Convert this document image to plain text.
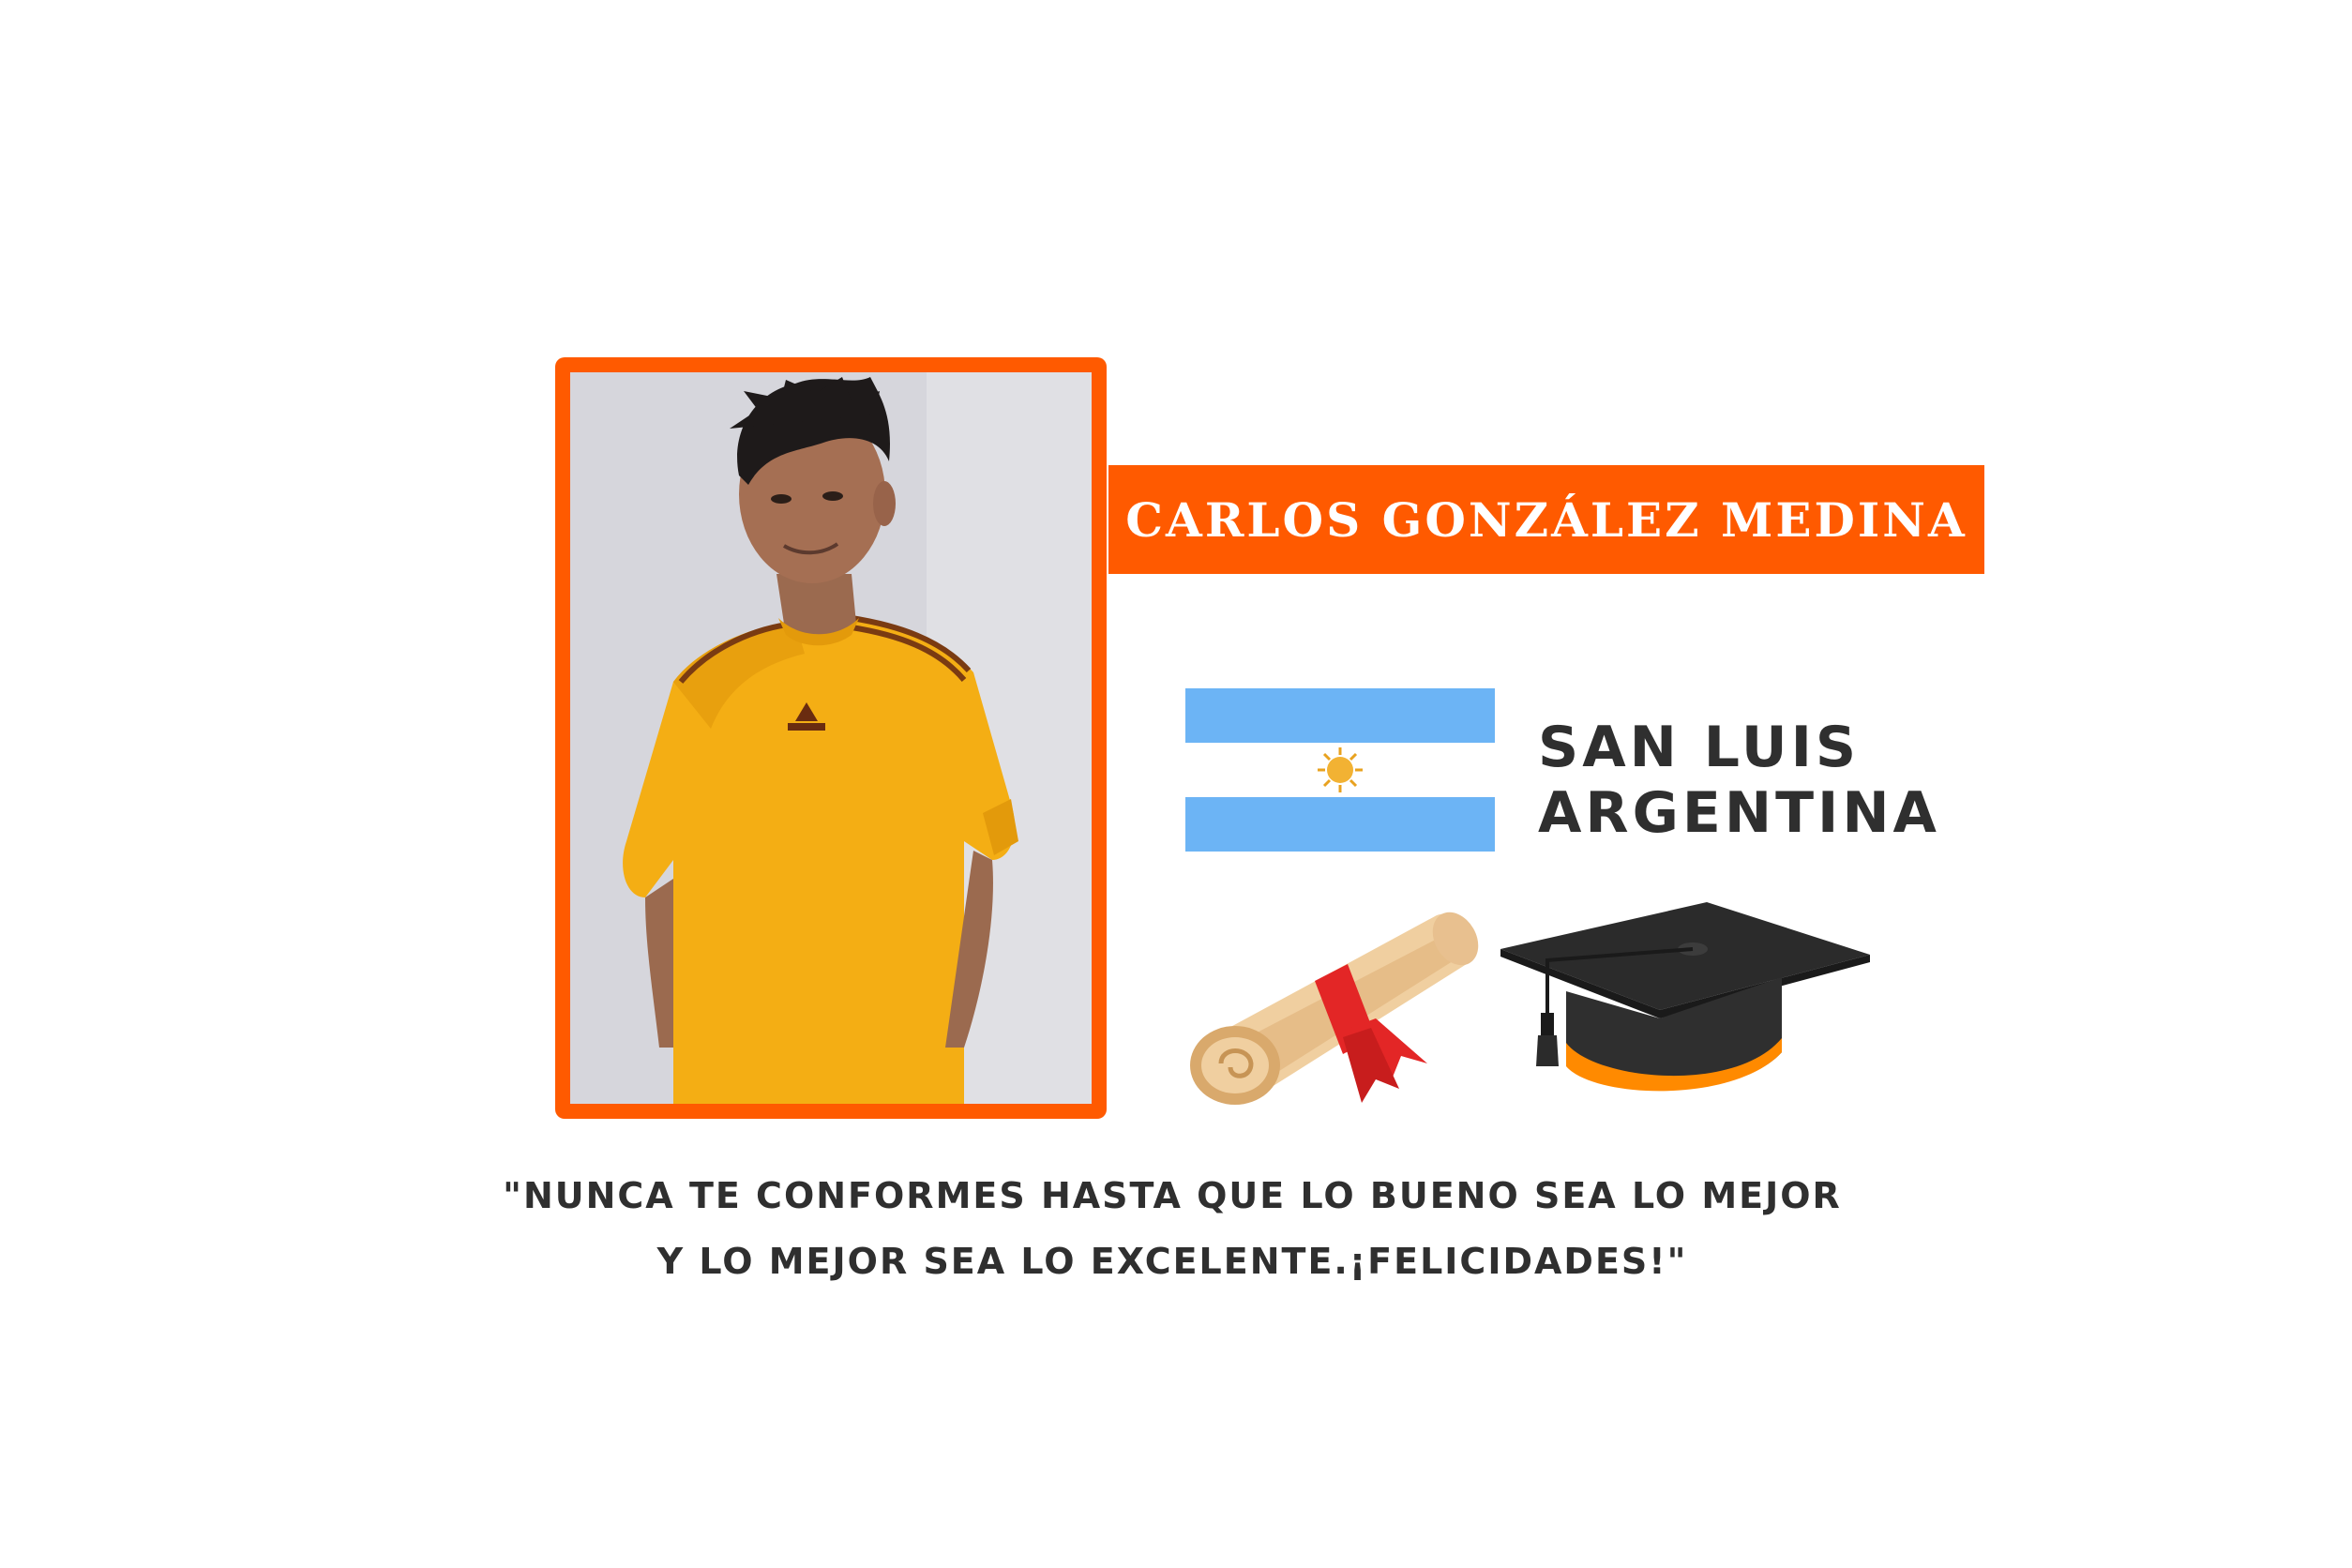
CARLOS GONZÁLEZ MEDINA
SAN LUIS
ARGENTINA
"NUNCA TE CONFORMES HASTA QUE LO BUENO SEA LO MEJOR
Y LO MEJOR SEA LO EXCELENTE.¡FELICIDADES!"
